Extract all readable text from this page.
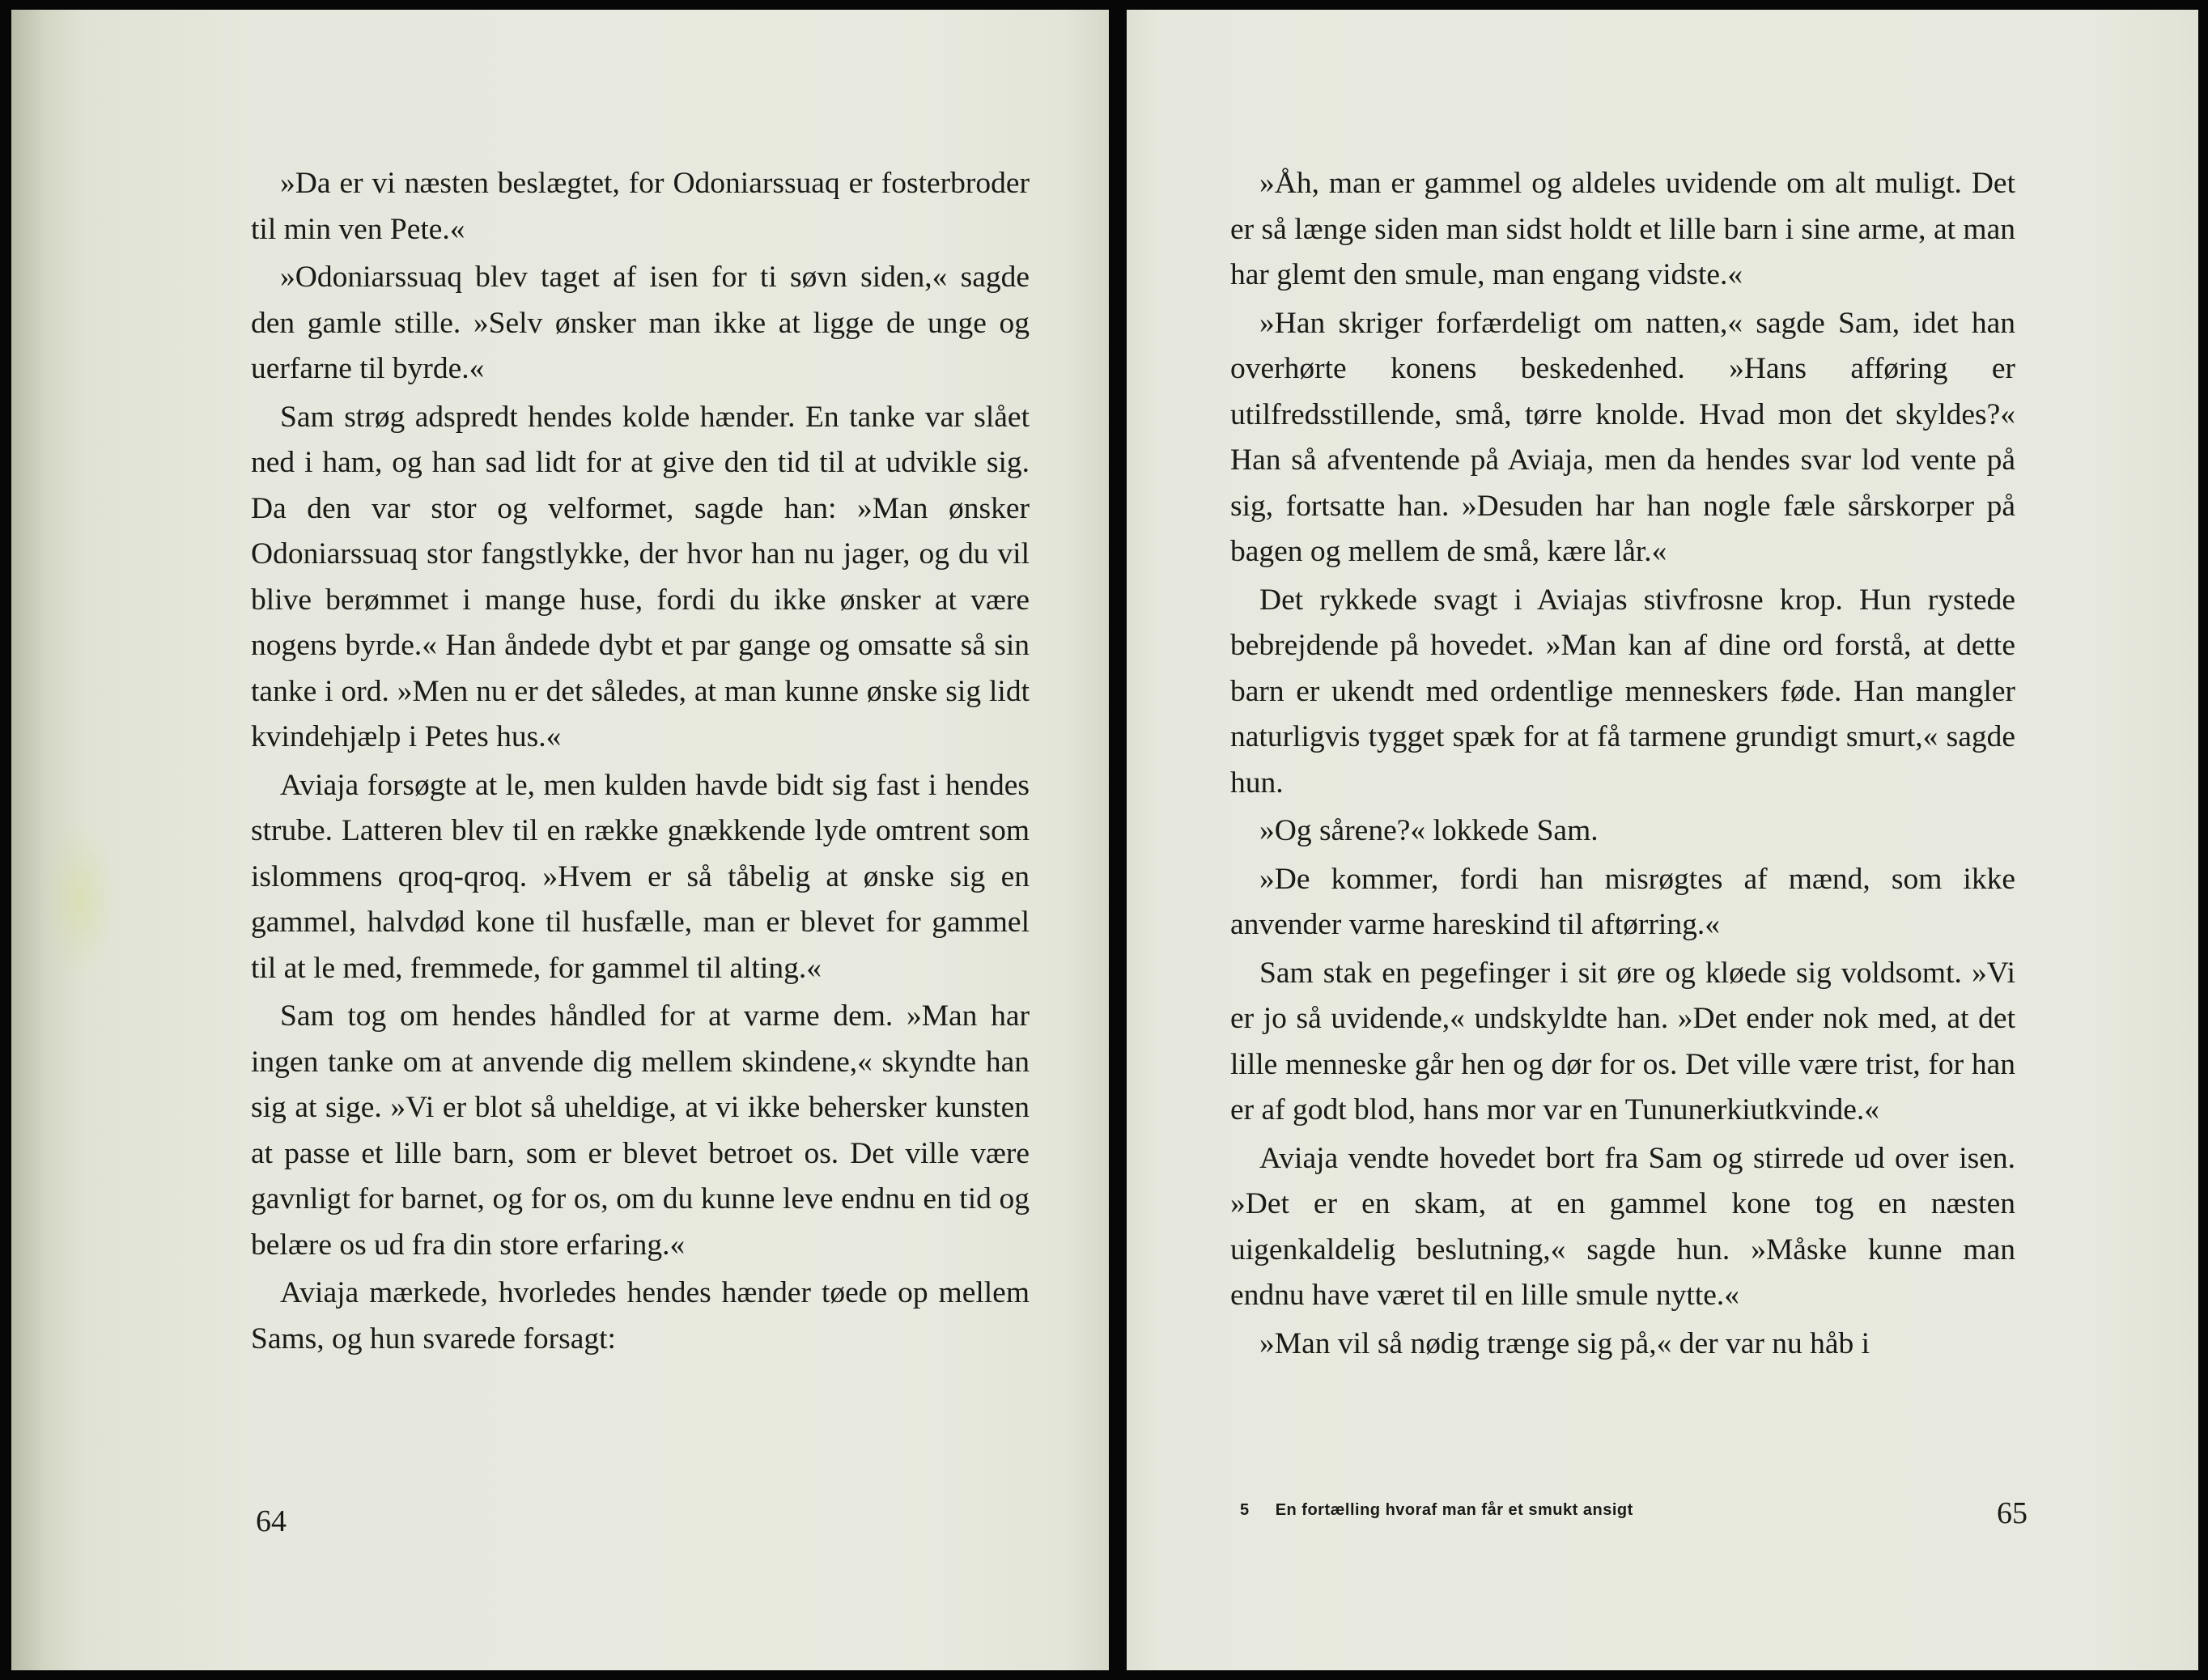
»Da er vi næsten beslægtet, for Odoniarssuaq er fosterbroder til min ven Pete.«

»Odoniarssuaq blev taget af isen for ti søvn siden,« sagde den gamle stille. »Selv ønsker man ikke at ligge de unge og uerfarne til byrde.«

Sam strøg adspredt hendes kolde hænder. En tanke var slået ned i ham, og han sad lidt for at give den tid til at udvikle sig. Da den var stor og velformet, sagde han: »Man ønsker Odoniarssuaq stor fangstlykke, der hvor han nu jager, og du vil blive berømmet i mange huse, fordi du ikke ønsker at være nogens byrde.« Han åndede dybt et par gange og omsatte så sin tanke i ord. »Men nu er det således, at man kunne ønske sig lidt kvindehjælp i Petes hus.«

Aviaja forsøgte at le, men kulden havde bidt sig fast i hendes strube. Latteren blev til en række gnækkende lyde omtrent som islommens qroq-qroq. »Hvem er så tåbelig at ønske sig en gammel, halvdød kone til husfælle, man er blevet for gammel til at le med, fremmede, for gammel til alting.«

Sam tog om hendes håndled for at varme dem. »Man har ingen tanke om at anvende dig mellem skindene,« skyndte han sig at sige. »Vi er blot så uheldige, at vi ikke behersker kunsten at passe et lille barn, som er blevet betroet os. Det ville være gavnligt for barnet, og for os, om du kunne leve endnu en tid og belære os ud fra din store erfaring.«

Aviaja mærkede, hvorledes hendes hænder tøede op mellem Sams, og hun svarede forsagt:

64

»Åh, man er gammel og aldeles uvidende om alt muligt. Det er så længe siden man sidst holdt et lille barn i sine arme, at man har glemt den smule, man engang vidste.«

»Han skriger forfærdeligt om natten,« sagde Sam, idet han overhørte konens beskedenhed. »Hans afføring er utilfredsstillende, små, tørre knolde. Hvad mon det skyldes?« Han så afventende på Aviaja, men da hendes svar lod vente på sig, fortsatte han. »Desuden har han nogle fæle sårskorper på bagen og mellem de små, kære lår.«

Det rykkede svagt i Aviajas stivfrosne krop. Hun rystede bebrejdende på hovedet. »Man kan af dine ord forstå, at dette barn er ukendt med ordentlige menneskers føde. Han mangler naturligvis tygget spæk for at få tarmene grundigt smurt,« sagde hun.

»Og sårene?« lokkede Sam.

»De kommer, fordi han misrøgtes af mænd, som ikke anvender varme hareskind til aftørring.«

Sam stak en pegefinger i sit øre og kløede sig voldsomt. »Vi er jo så uvidende,« undskyldte han. »Det ender nok med, at det lille menneske går hen og dør for os. Det ville være trist, for han er af godt blod, hans mor var en Tununerkiutkvinde.«

Aviaja vendte hovedet bort fra Sam og stirrede ud over isen. »Det er en skam, at en gammel kone tog en næsten uigenkaldelig beslutning,« sagde hun. »Måske kunne man endnu have været til en lille smule nytte.«

»Man vil så nødig trænge sig på,« der var nu håb i

5 En fortælling hvoraf man får et smukt ansigt	65
